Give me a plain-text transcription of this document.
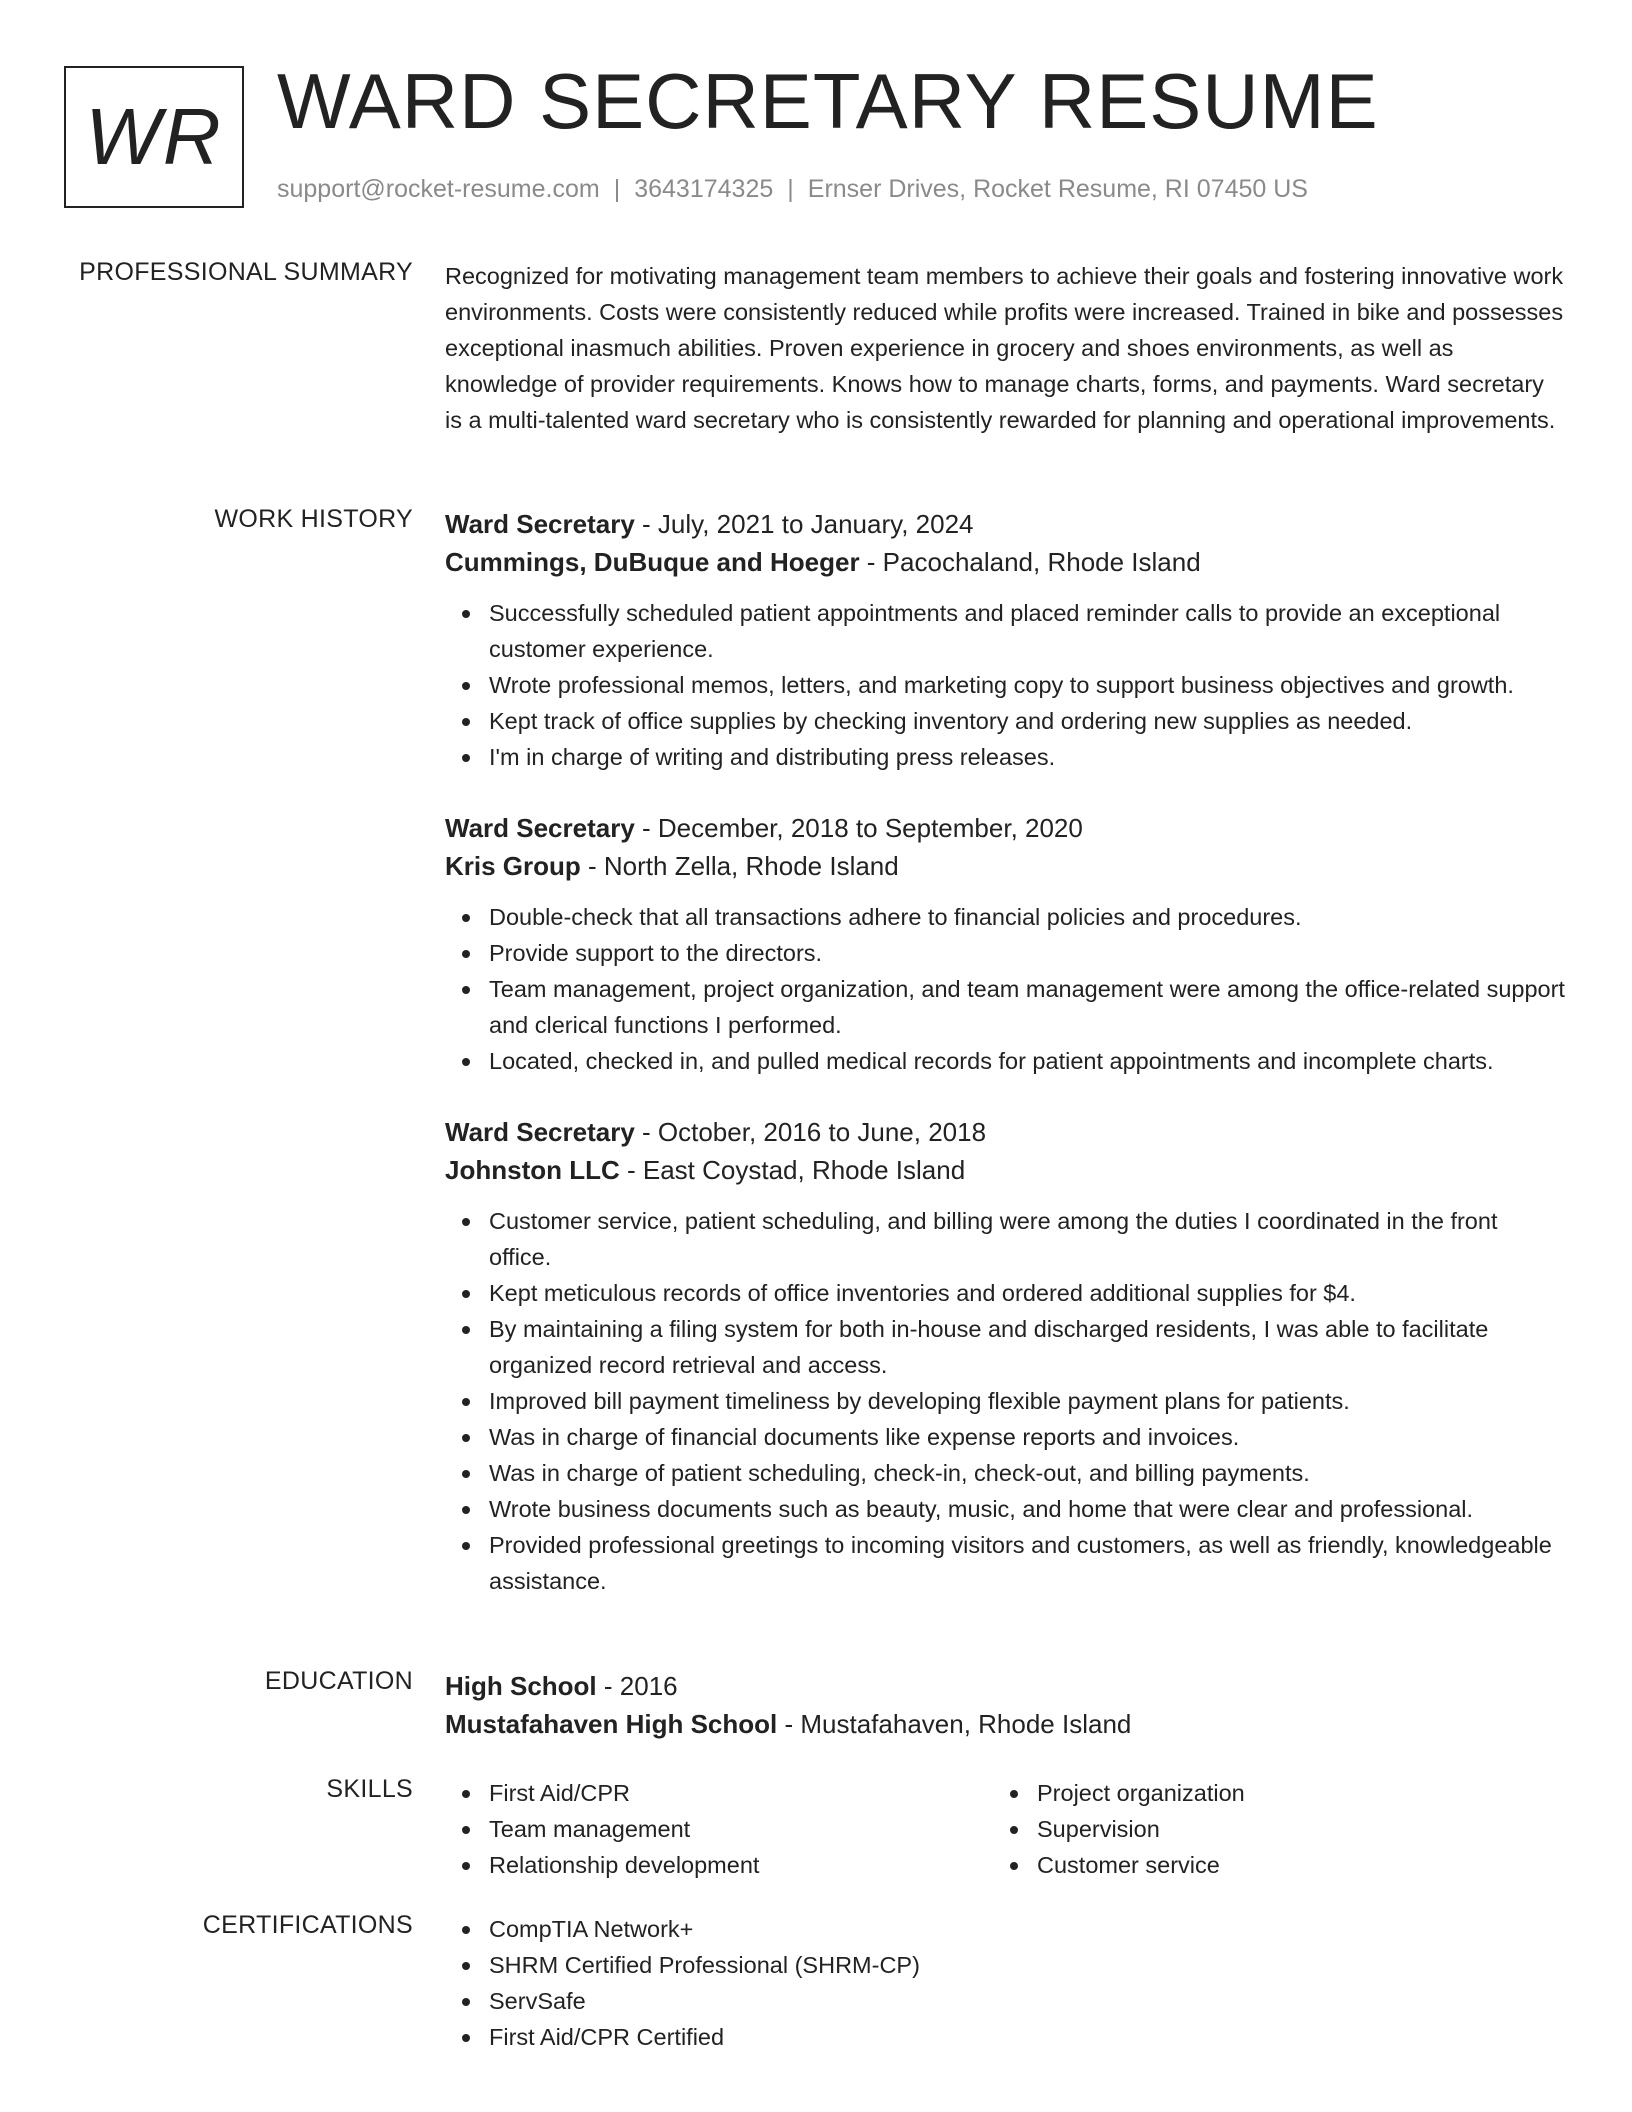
WR WARD SECRETARY RESUME
support@rocket-resume.com | 3643174325 | Ernser Drives, Rocket Resume, RI 07450 US
PROFESSIONAL SUMMARY Recognized for motivating management team members to achieve their goals and fostering innovative work environments. Costs were consistently reduced while profits were increased. Trained in bike and possesses exceptional inasmuch abilities. Proven experience in grocery and shoes environments, as well as knowledge of provider requirements. Knows how to manage charts, forms, and payments. Ward secretary is a multi-talented ward secretary who is consistently rewarded for planning and operational improvements.
WORK HISTORY Ward Secretary - July, 2021 to January, 2024
Cummings, DuBuque and Hoeger - Pacochaland, Rhode Island
Successfully scheduled patient appointments and placed reminder calls to provide an exceptional customer experience.
Wrote professional memos, letters, and marketing copy to support business objectives and growth.
Kept track of office supplies by checking inventory and ordering new supplies as needed.
I'm in charge of writing and distributing press releases.
Ward Secretary - December, 2018 to September, 2020
Kris Group - North Zella, Rhode Island
Double-check that all transactions adhere to financial policies and procedures.
Provide support to the directors.
Team management, project organization, and team management were among the office-related support and clerical functions I performed.
Located, checked in, and pulled medical records for patient appointments and incomplete charts.
Ward Secretary - October, 2016 to June, 2018
Johnston LLC - East Coystad, Rhode Island
Customer service, patient scheduling, and billing were among the duties I coordinated in the front office.
Kept meticulous records of office inventories and ordered additional supplies for $4.
By maintaining a filing system for both in-house and discharged residents, I was able to facilitate organized record retrieval and access.
Improved bill payment timeliness by developing flexible payment plans for patients.
Was in charge of financial documents like expense reports and invoices.
Was in charge of patient scheduling, check-in, check-out, and billing payments.
Wrote business documents such as beauty, music, and home that were clear and professional.
Provided professional greetings to incoming visitors and customers, as well as friendly, knowledgeable assistance.
EDUCATION High School - 2016
Mustafahaven High School - Mustafahaven, Rhode Island
SKILLS	First Aid/CPR
Team management
Relationship development
Project organization
Supervision
Customer service
CERTIFICATIONS	CompTIA Network+
SHRM Certified Professional (SHRM-CP)
ServSafe
First Aid/CPR Certified
